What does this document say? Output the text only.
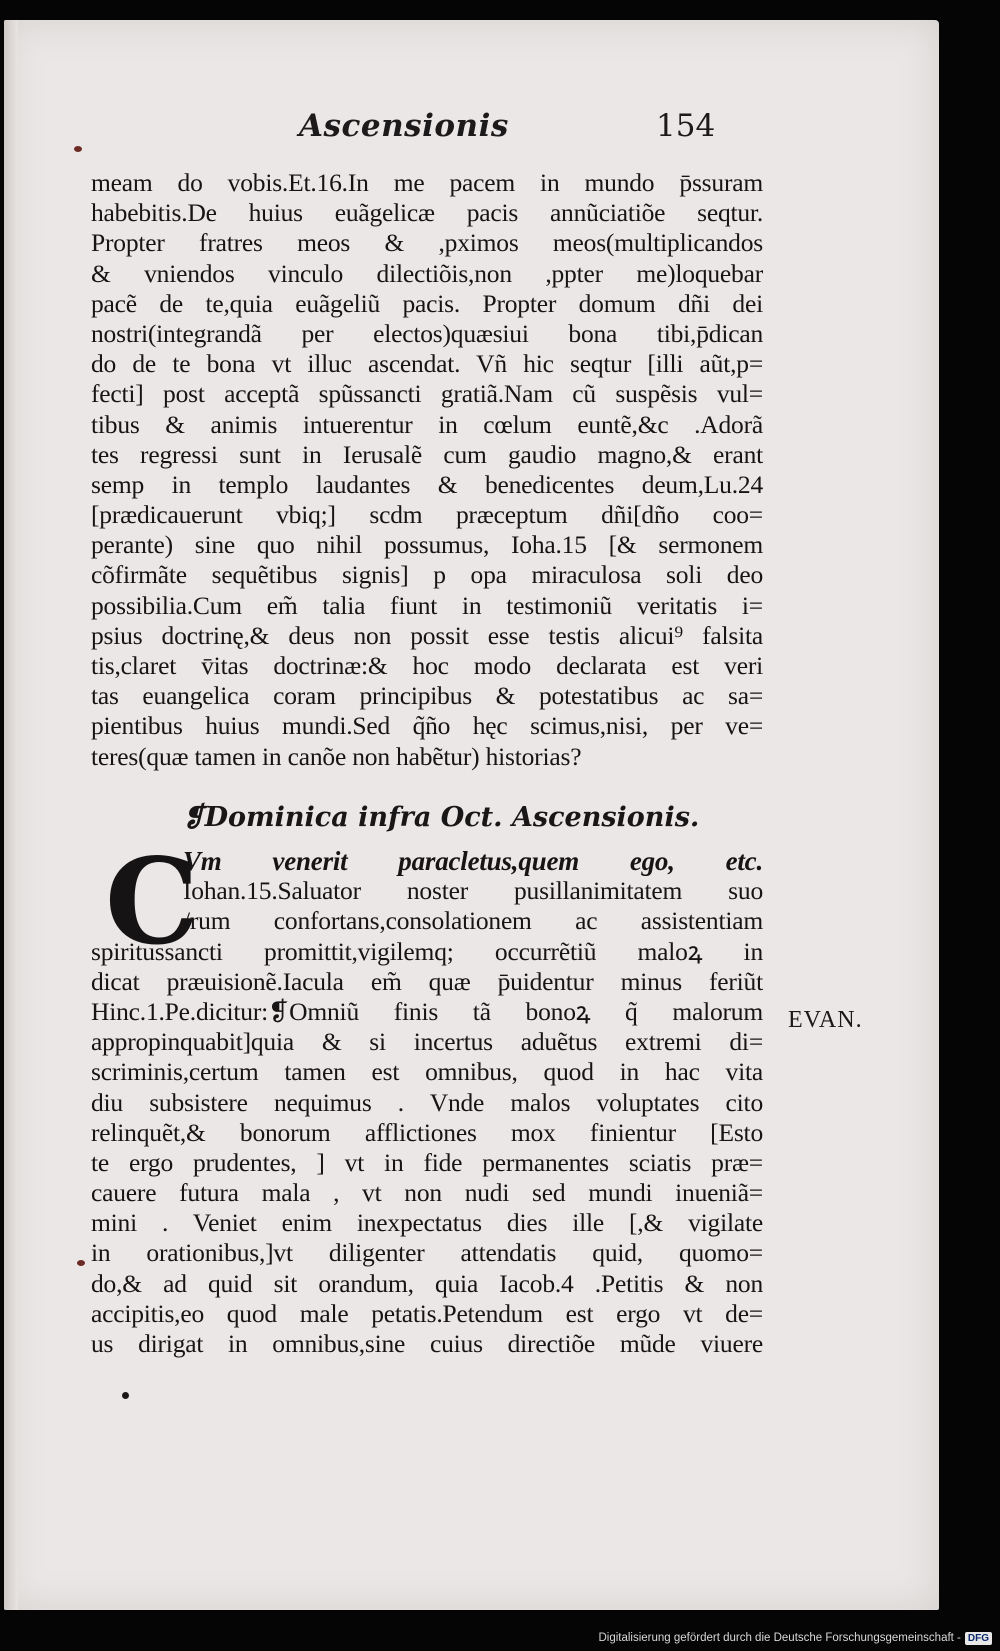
Ascensionis	154
meam do vobis.Et.16.In me pacem in mundo p̄ssuram
habebitis.De huius euãgelicæ pacis annũciatiõe seqtur.
Propter fratres meos & ,pximos meos(multiplicandos
& vniendos vinculo dilectiõis,non ,ppter me)loquebar
pacẽ de te,quia euãgeliũ pacis. Propter domum dñi dei
nostri(integrandã per electos)quæsiui bona tibi,p̄dican
do de te bona vt illuc ascendat. Vñ hic seqtur [illi aũt,p=
fecti] post acceptã spũssancti gratiã.Nam cũ suspẽsis vul=
tibus & animis intuerentur in cœlum euntẽ,&c .Adorã
tes regressi sunt in Ierusalẽ cum gaudio magno,& erant
semp in templo laudantes & benedicentes deum,Lu.24
[prædicauerunt vbiq;] scdm præceptum dñi[dño coo=
perante) sine quo nihil possumus, Ioha.15 [& sermonem
cõfirmãte sequẽtibus signis] p opa miraculosa soli deo
possibilia.Cum em̃ talia fiunt in testimoniũ veritatis i=
psius doctrinę,& deus non possit esse testis alicui⁹ falsita
tis,claret v̄itas doctrinæ:& hoc modo declarata est veri
tas euangelica coram principibus & potestatibus ac sa=
pientibus huius mundi.Sed q̃ño hęc scimus,nisi, per ve=
teres(quæ tamen in canõe non habẽtur) historias?
❡Dominica infra Oct. Ascensionis.
C
Vm venerit paracletus,quem ego, etc.
Iohan.15.Saluator noster pusillanimitatem suo
/rum confortans,consolationem ac assistentiam
spiritussancti promittit,vigilemq; occurrẽtiũ maloꝝ in
dicat præuisionẽ.Iacula em̃ quæ p̄uidentur minus feriũt
Hinc.1.Pe.dicitur:❡Omniũ finis tã bonoꝝ q̃ malorum
appropinquabit]quia & si incertus aduẽtus extremi di=
scriminis,certum tamen est omnibus, quod in hac vita
diu subsistere nequimus . Vnde malos voluptates cito
relinquẽt,& bonorum afflictiones mox finientur [Esto
te ergo prudentes, ] vt in fide permanentes sciatis præ=
cauere futura mala , vt non nudi sed mundi inueniã=
mini . Veniet enim inexpectatus dies ille [,& vigilate
in orationibus,]vt diligenter attendatis quid, quomo=
do,& ad quid sit orandum, quia Iacob.4 .Petitis & non
accipitis,eo quod male petatis.Petendum est ergo vt de=
us dirigat in omnibus,sine cuius directiõe mũde viuere
EVAN.
Digitalisierung gefördert durch die Deutsche Forschungsgemeinschaft - DFG
